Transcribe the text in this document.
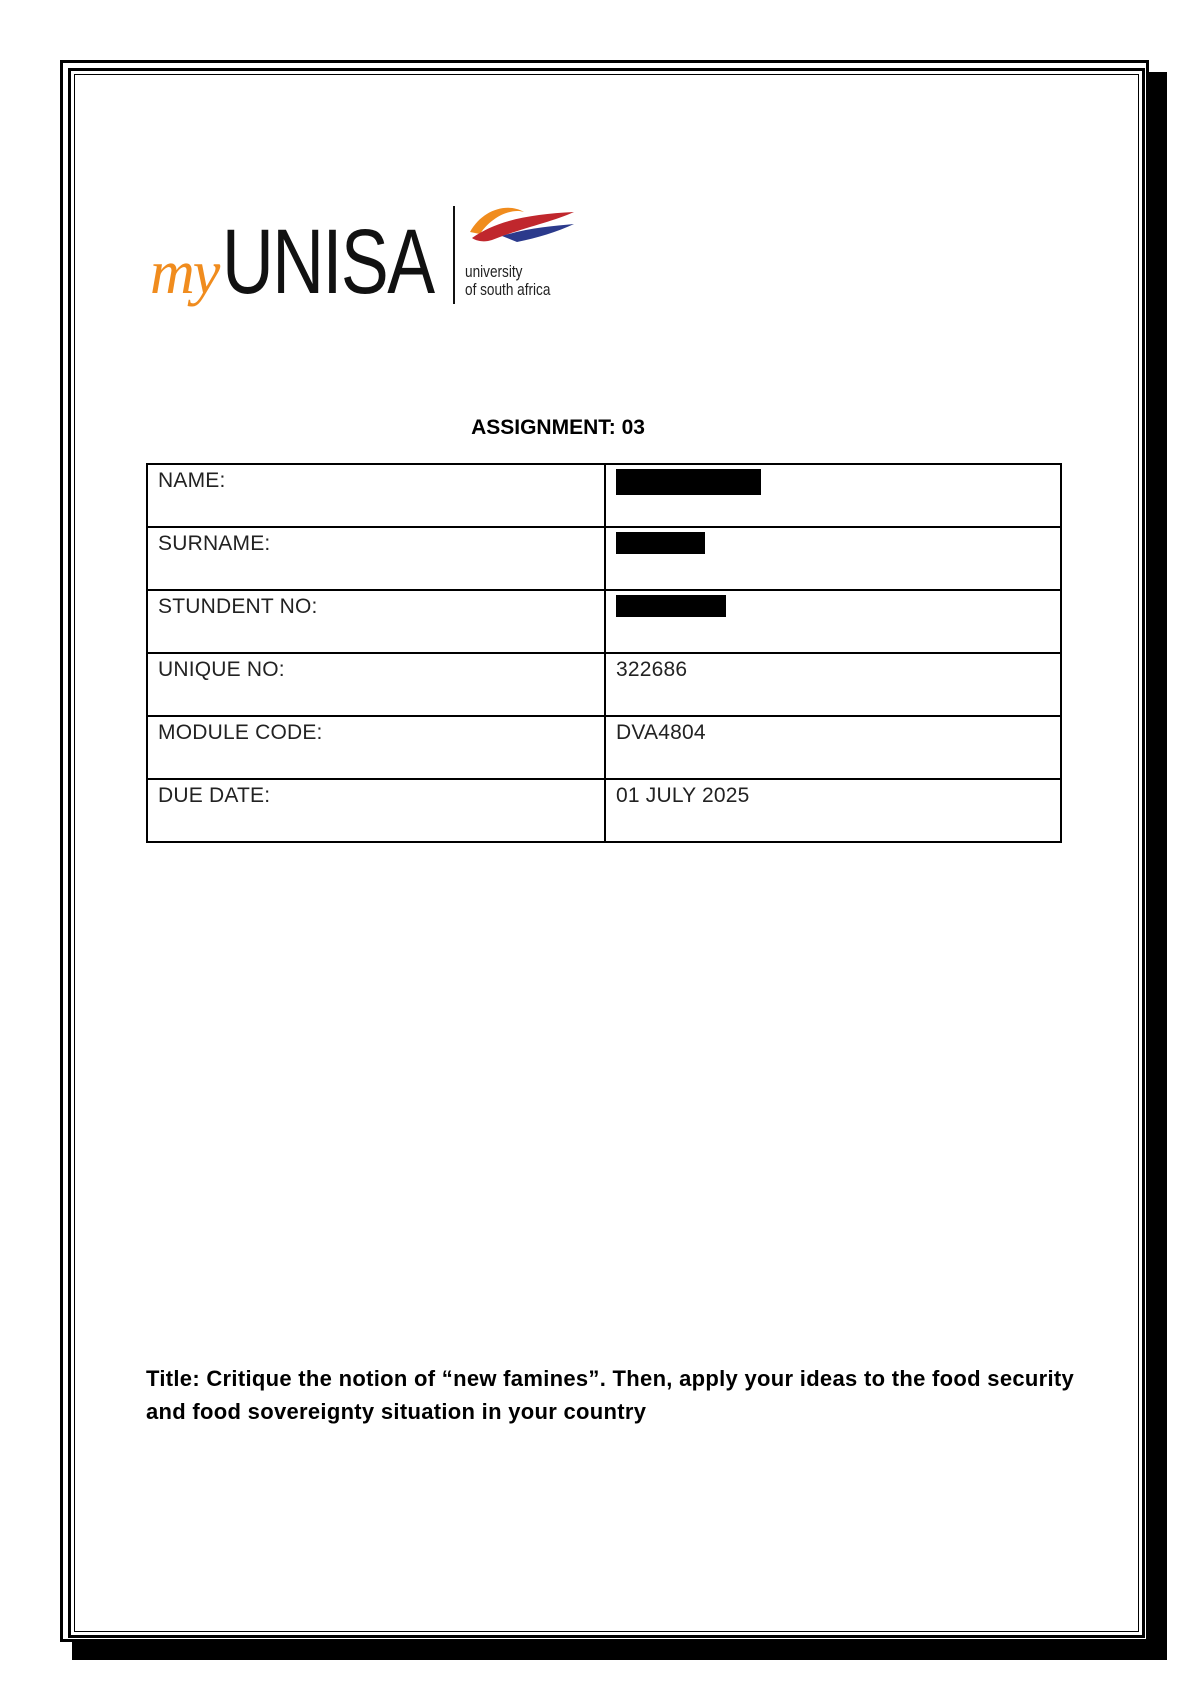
my UNISA university
of south africa
ASSIGNMENT: 03
NAME:	
SURNAME:	
STUNDENT NO:	
UNIQUE NO:	322686
MODULE CODE:	DVA4804
DUE DATE:	01 JULY 2025
Title: Critique the notion of “new famines”. Then, apply your ideas to the food security and food sovereignty situation in your country
